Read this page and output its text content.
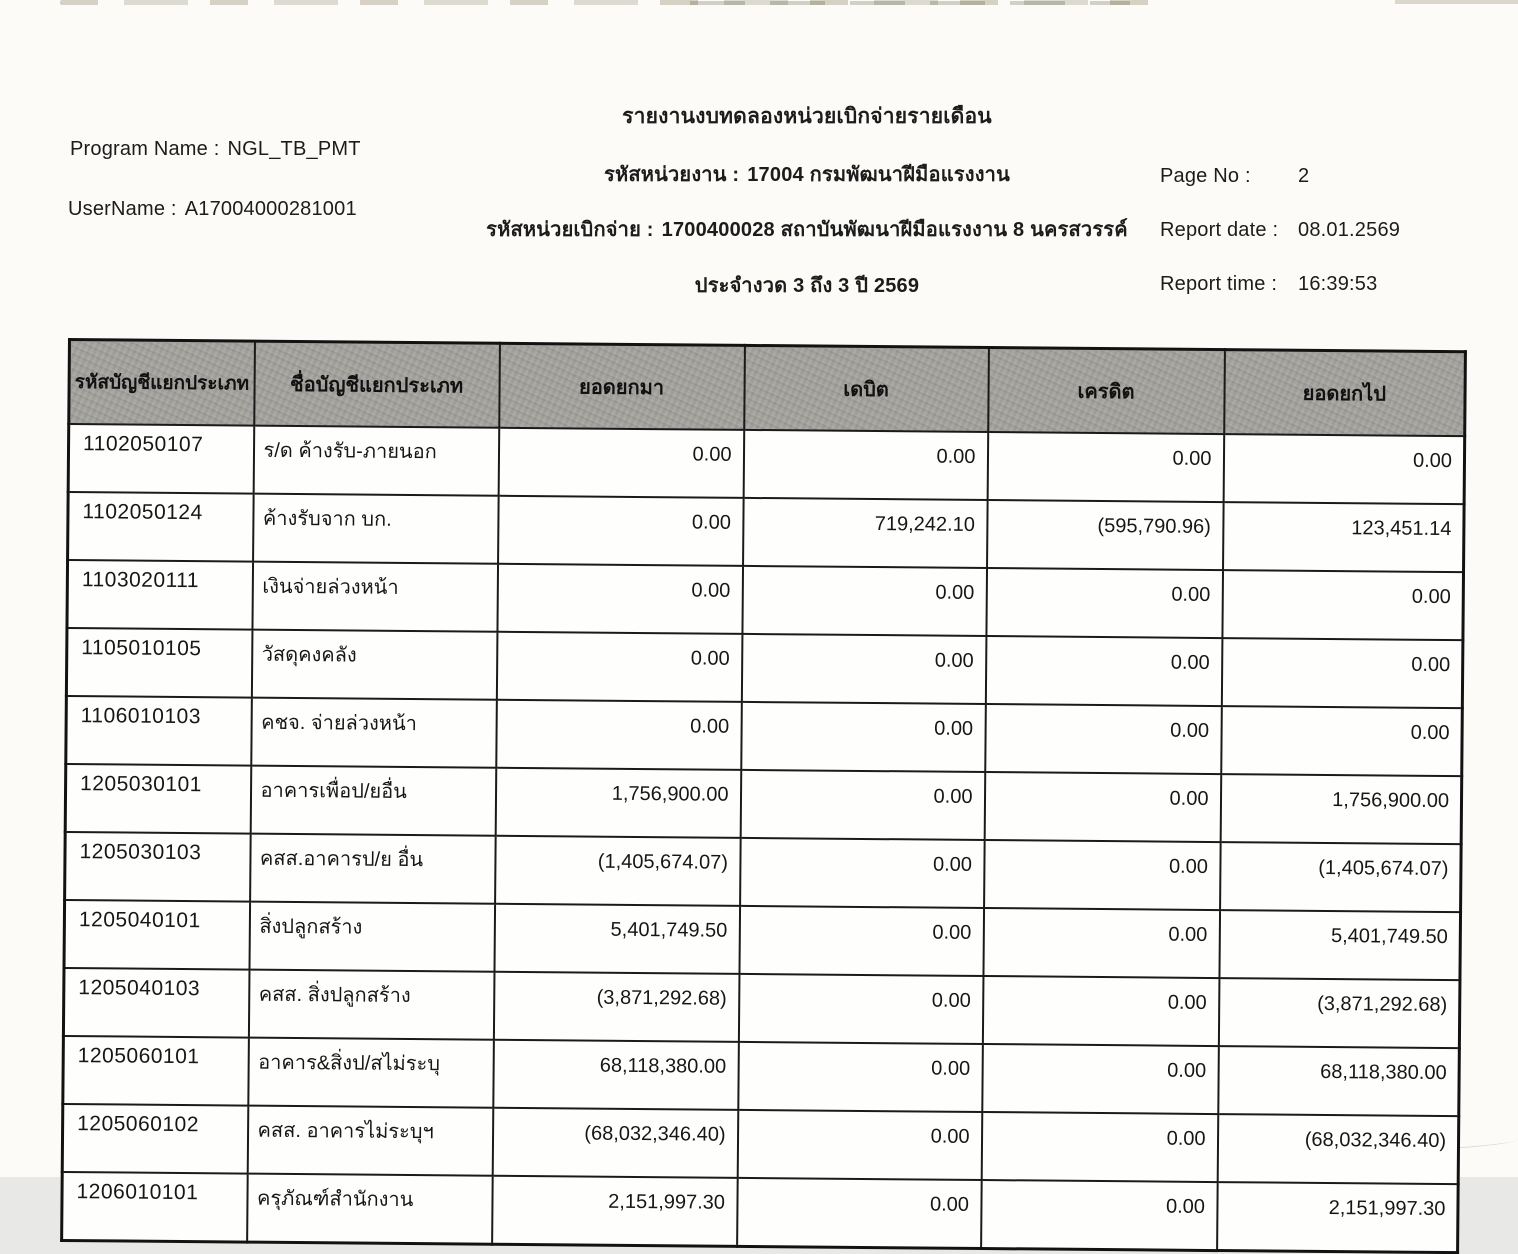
รายงานงบทดลองหน่วยเบิกจ่ายรายเดือน
รหัสหน่วยงาน : 17004 กรมพัฒนาฝีมือแรงงาน
รหัสหน่วยเบิกจ่าย : 1700400028 สถาบันพัฒนาฝีมือแรงงาน 8 นครสวรรค์
ประจำงวด 3 ถึง 3 ปี 2569
Program Name : NGL_TB_PMT
UserName : A17004000281001
Page No : 2
Report date : 08.01.2569
Report time : 16:39:53
รหัสบัญชีแยกประเภท	ชื่อบัญชีแยกประเภท	ยอดยกมา	เดบิต	เครดิต	ยอดยกไป
1102050107	ร/ด ค้างรับ-ภายนอก	0.00	0.00	0.00	0.00
1102050124	ค้างรับจาก บก.	0.00	719,242.10	(595,790.96)	123,451.14
1103020111	เงินจ่ายล่วงหน้า	0.00	0.00	0.00	0.00
1105010105	วัสดุคงคลัง	0.00	0.00	0.00	0.00
1106010103	คชจ. จ่ายล่วงหน้า	0.00	0.00	0.00	0.00
1205030101	อาคารเพื่อป/ยอื่น	1,756,900.00	0.00	0.00	1,756,900.00
1205030103	คสส.อาคารป/ย อื่น	(1,405,674.07)	0.00	0.00	(1,405,674.07)
1205040101	สิ่งปลูกสร้าง	5,401,749.50	0.00	0.00	5,401,749.50
1205040103	คสส. สิ่งปลูกสร้าง	(3,871,292.68)	0.00	0.00	(3,871,292.68)
1205060101	อาคาร&สิ่งป/สไม่ระบุ	68,118,380.00	0.00	0.00	68,118,380.00
1205060102	คสส. อาคารไม่ระบุฯ	(68,032,346.40)	0.00	0.00	(68,032,346.40)
1206010101	ครุภัณฑ์สำนักงาน	2,151,997.30	0.00	0.00	2,151,997.30
